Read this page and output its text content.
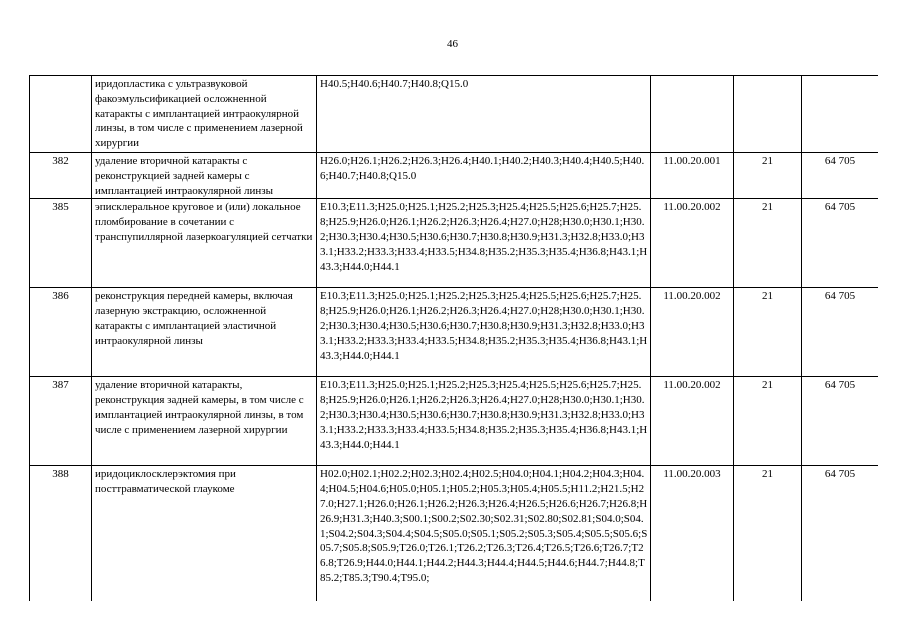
46
	иридопластика с ультразвуковой факоэмульсификацией осложненной катаракты с имплантацией интраокулярной линзы, в том числе с применением лазерной хирургии	H40.5;H40.6;H40.7;H40.8;Q15.0			
382	удаление вторичной катаракты с реконструкцией задней камеры с имплантацией интраокулярной линзы	H26.0;H26.1;H26.2;H26.3;H26.4;H40.1;H40.2;H40.3;H40.4;H40.5;H40.6;H40.7;H40.8;Q15.0	11.00.20.001	21	64 705
385	эписклеральное круговое и (или) локальное пломбирование в сочетании с транспупиллярной лазеркоагуляцией сетчатки	E10.3;E11.3;H25.0;H25.1;H25.2;H25.3;H25.4;H25.5;H25.6;H25.7;H25.8;H25.9;H26.0;H26.1;H26.2;H26.3;H26.4;H27.0;H28;H30.0;H30.1;H30.2;H30.3;H30.4;H30.5;H30.6;H30.7;H30.8;H30.9;H31.3;H32.8;H33.0;H33.1;H33.2;H33.3;H33.4;H33.5;H34.8;H35.2;H35.3;H35.4;H36.8;H43.1;H43.3;H44.0;H44.1	11.00.20.002	21	64 705
386	реконструкция передней камеры, включая лазерную экстракцию, осложненной катаракты с имплантацией эластичной интраокулярной линзы	E10.3;E11.3;H25.0;H25.1;H25.2;H25.3;H25.4;H25.5;H25.6;H25.7;H25.8;H25.9;H26.0;H26.1;H26.2;H26.3;H26.4;H27.0;H28;H30.0;H30.1;H30.2;H30.3;H30.4;H30.5;H30.6;H30.7;H30.8;H30.9;H31.3;H32.8;H33.0;H33.1;H33.2;H33.3;H33.4;H33.5;H34.8;H35.2;H35.3;H35.4;H36.8;H43.1;H43.3;H44.0;H44.1	11.00.20.002	21	64 705
387	удаление вторичной катаракты, реконструкция задней камеры, в том числе с имплантацией интраокулярной линзы, в том числе с применением лазерной хирургии	E10.3;E11.3;H25.0;H25.1;H25.2;H25.3;H25.4;H25.5;H25.6;H25.7;H25.8;H25.9;H26.0;H26.1;H26.2;H26.3;H26.4;H27.0;H28;H30.0;H30.1;H30.2;H30.3;H30.4;H30.5;H30.6;H30.7;H30.8;H30.9;H31.3;H32.8;H33.0;H33.1;H33.2;H33.3;H33.4;H33.5;H34.8;H35.2;H35.3;H35.4;H36.8;H43.1;H43.3;H44.0;H44.1	11.00.20.002	21	64 705
388	иридоциклосклерэктомия при посттравматической глаукоме	H02.0;H02.1;H02.2;H02.3;H02.4;H02.5;H04.0;H04.1;H04.2;H04.3;H04.4;H04.5;H04.6;H05.0;H05.1;H05.2;H05.3;H05.4;H05.5;H11.2;H21.5;H27.0;H27.1;H26.0;H26.1;H26.2;H26.3;H26.4;H26.5;H26.6;H26.7;H26.8;H26.9;H31.3;H40.3;S00.1;S00.2;S02.30;S02.31;S02.80;S02.81;S04.0;S04.1;S04.2;S04.3;S04.4;S04.5;S05.0;S05.1;S05.2;S05.3;S05.4;S05.5;S05.6;S05.7;S05.8;S05.9;T26.0;T26.1;T26.2;T26.3;T26.4;T26.5;T26.6;T26.7;T26.8;T26.9;H44.0;H44.1;H44.2;H44.3;H44.4;H44.5;H44.6;H44.7;H44.8;T85.2;T85.3;T90.4;T95.0;	11.00.20.003	21	64 705
